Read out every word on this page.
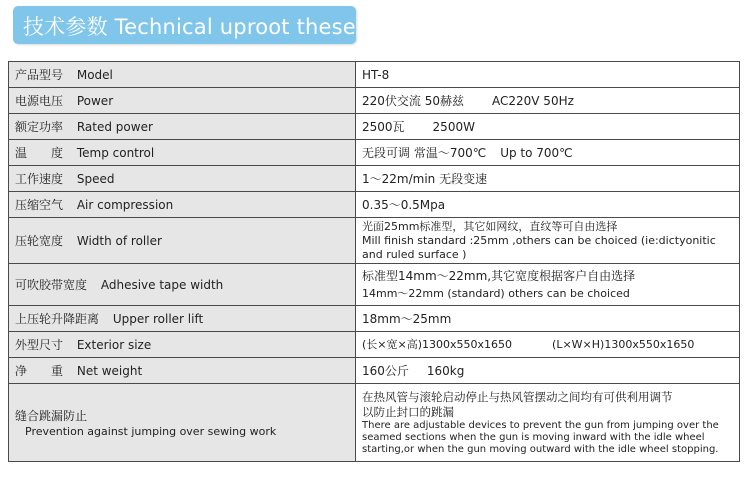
技术参数 Technical uproot these:
产品型号 Model	HT-8

电源电压 Power	220伏交流 50赫兹 AC220V 50Hz

额定功率 Rated power	2500瓦 2500W

温　　度 Temp control	无段可调 常温～700℃ Up to 700℃

工作速度 Speed	1～22m/min 无段变速

压缩空气 Air compression	0.35～0.5Mpa

压轮宽度 Width of roller	光面25mm标准型，其它如网纹，直纹等可自由选择
Mill finish standard :25mm ,others can be choiced (ie:dictyonitic
and ruled surface )

可吹胶带宽度 Adhesive tape width	标准型14mm～22mm,其它宽度根据客户自由选择
14mm～22mm (standard) others can be choiced

上压轮升降距离 Upper roller lift	18mm～25mm

外型尺寸 Exterior size	(长×宽×高)1300x550x1650 (L×W×H)1300x550x1650

净　　重 Net weight	160公斤 160kg

缝合跳漏防止 Prevention against jumping over sewing work	在热风管与滚轮启动停止与热风管摆动之间均有可供利用调节
以防止封口的跳漏
There are adjustable devices to prevent the gun from jumping over the
seamed sections when the gun is moving inward with the idle wheel
starting,or when the gun moving outward with the idle wheel stopping.
